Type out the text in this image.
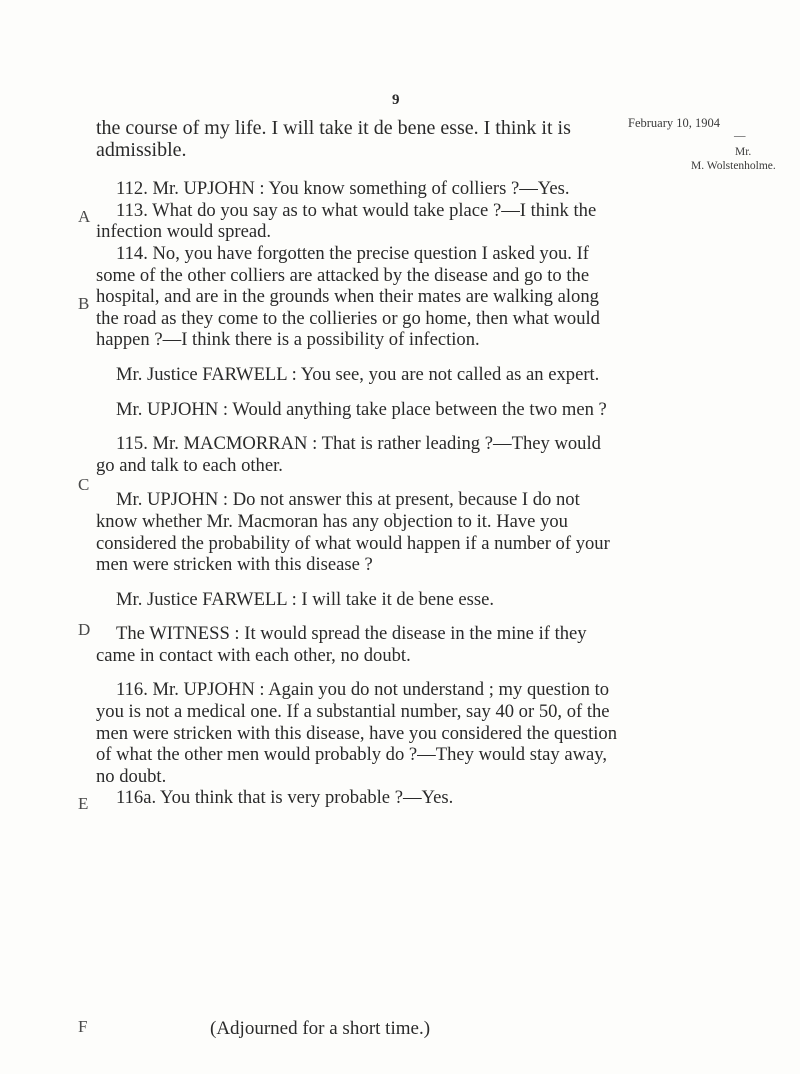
9
February 10, 1904
—
Mr.
M. Wolstenholme.
A
B
C
D
E
F

the course of my life. I will take it de bene esse. I think it is admissible.

112. Mr. UPJOHN : You know something of colliers ?—Yes.

113. What do you say as to what would take place ?—I think the infection would spread.

114. No, you have forgotten the precise question I asked you. If some of the other colliers are attacked by the disease and go to the hospital, and are in the grounds when their mates are walking along the road as they come to the collieries or go home, then what would happen ?—I think there is a possibility of infection.

Mr. Justice FARWELL : You see, you are not called as an expert.

Mr. UPJOHN : Would anything take place between the two men ?

115. Mr. MACMORRAN : That is rather leading ?—They would go and talk to each other.

Mr. UPJOHN : Do not answer this at present, because I do not know whether Mr. Macmoran has any objection to it. Have you considered the probability of what would happen if a number of your men were stricken with this disease ?

Mr. Justice FARWELL : I will take it de bene esse.

The WITNESS : It would spread the disease in the mine if they came in contact with each other, no doubt.

116. Mr. UPJOHN : Again you do not understand ; my question to you is not a medical one. If a substantial number, say 40 or 50, of the men were stricken with this disease, have you considered the question of what the other men would probably do ?—They would stay away, no doubt.

116a. You think that is very probable ?—Yes.

(Adjourned for a short time.)
